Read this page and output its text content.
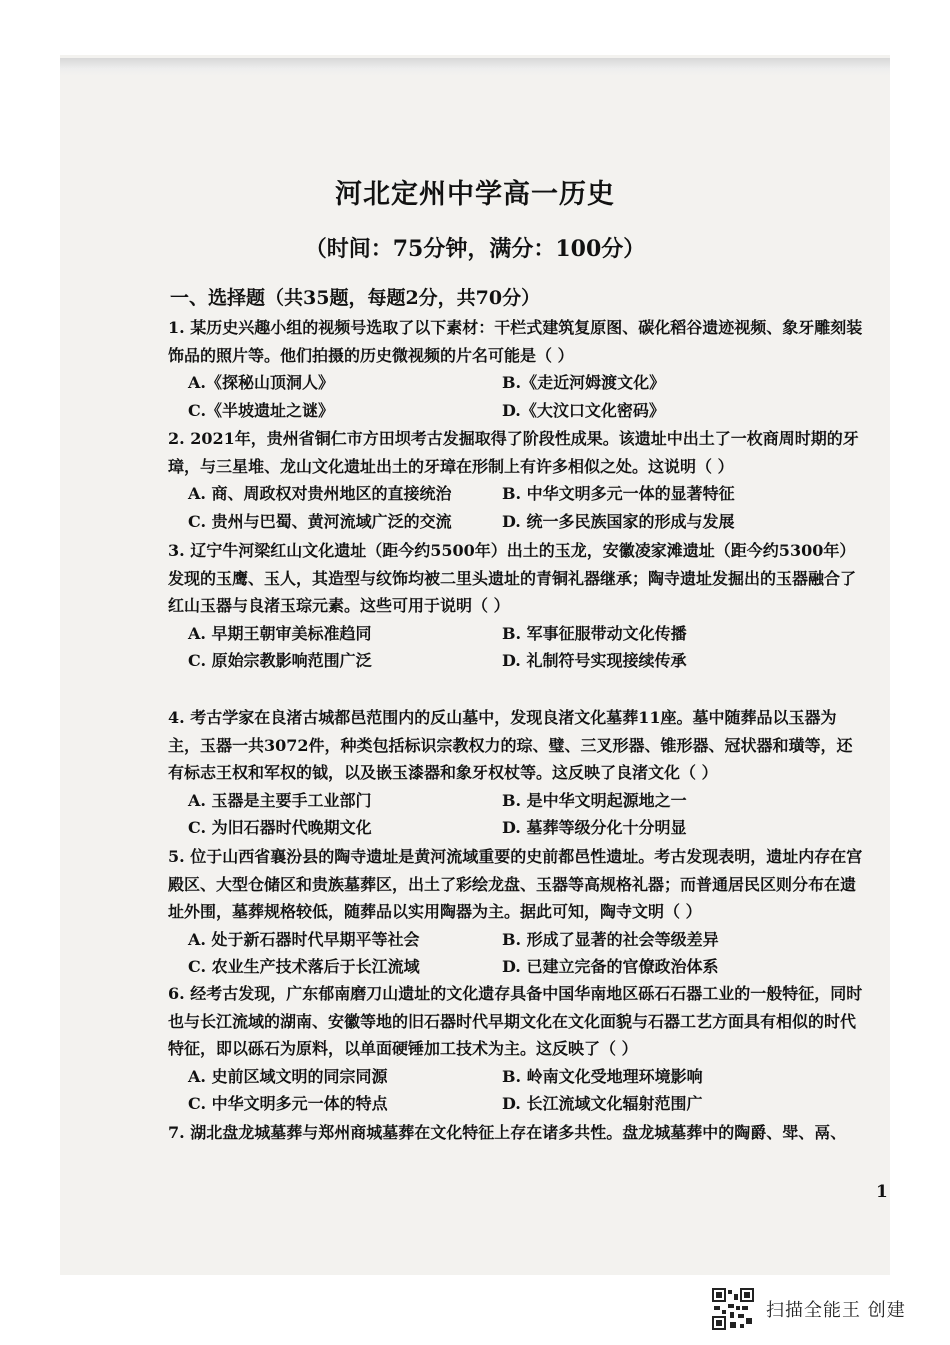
河北定州中学高一历史
（时间：75分钟，满分：100分）
一、选择题（共35题，每题2分，共70分）
1. 某历史兴趣小组的视频号选取了以下素材：干栏式建筑复原图、碳化稻谷遗迹视频、象牙雕刻装饰品的照片等。他们拍摄的历史微视频的片名可能是（ ）
A.《探秘山顶洞人》	B.《走近河姆渡文化》
C.《半坡遗址之谜》	D.《大汶口文化密码》
2. 2021年，贵州省铜仁市方田坝考古发掘取得了阶段性成果。该遗址中出土了一枚商周时期的牙璋，与三星堆、龙山文化遗址出土的牙璋在形制上有许多相似之处。这说明（ ）
A. 商、周政权对贵州地区的直接统治	B. 中华文明多元一体的显著特征
C. 贵州与巴蜀、黄河流域广泛的交流	D. 统一多民族国家的形成与发展
3. 辽宁牛河梁红山文化遗址（距今约5500年）出土的玉龙，安徽凌家滩遗址（距今约5300年）发现的玉鹰、玉人，其造型与纹饰均被二里头遗址的青铜礼器继承；陶寺遗址发掘出的玉器融合了红山玉器与良渚玉琮元素。这些可用于说明（ ）
A. 早期王朝审美标准趋同	B. 军事征服带动文化传播
C. 原始宗教影响范围广泛	D. 礼制符号实现接续传承
4. 考古学家在良渚古城都邑范围内的反山墓中，发现良渚文化墓葬11座。墓中随葬品以玉器为主，玉器一共3072件，种类包括标识宗教权力的琮、璧、三叉形器、锥形器、冠状器和璜等，还有标志王权和军权的钺，以及嵌玉漆器和象牙权杖等。这反映了良渚文化（ ）
A. 玉器是主要手工业部门	B. 是中华文明起源地之一
C. 为旧石器时代晚期文化	D. 墓葬等级分化十分明显
5. 位于山西省襄汾县的陶寺遗址是黄河流域重要的史前都邑性遗址。考古发现表明，遗址内存在宫殿区、大型仓储区和贵族墓葬区，出土了彩绘龙盘、玉器等高规格礼器；而普通居民区则分布在遗址外围，墓葬规格较低，随葬品以实用陶器为主。据此可知，陶寺文明（ ）
A. 处于新石器时代早期平等社会	B. 形成了显著的社会等级差异
C. 农业生产技术落后于长江流域	D. 已建立完备的官僚政治体系
6. 经考古发现，广东郁南磨刀山遗址的文化遗存具备中国华南地区砾石石器工业的一般特征，同时也与长江流域的湖南、安徽等地的旧石器时代早期文化在文化面貌与石器工艺方面具有相似的时代特征，即以砾石为原料，以单面硬锤加工技术为主。这反映了（ ）
A. 史前区域文明的同宗同源	B. 岭南文化受地理环境影响
C. 中华文明多元一体的特点	D. 长江流域文化辐射范围广
7. 湖北盘龙城墓葬与郑州商城墓葬在文化特征上存在诸多共性。盘龙城墓葬中的陶爵、斝、鬲、
1
扫描全能王 创建
